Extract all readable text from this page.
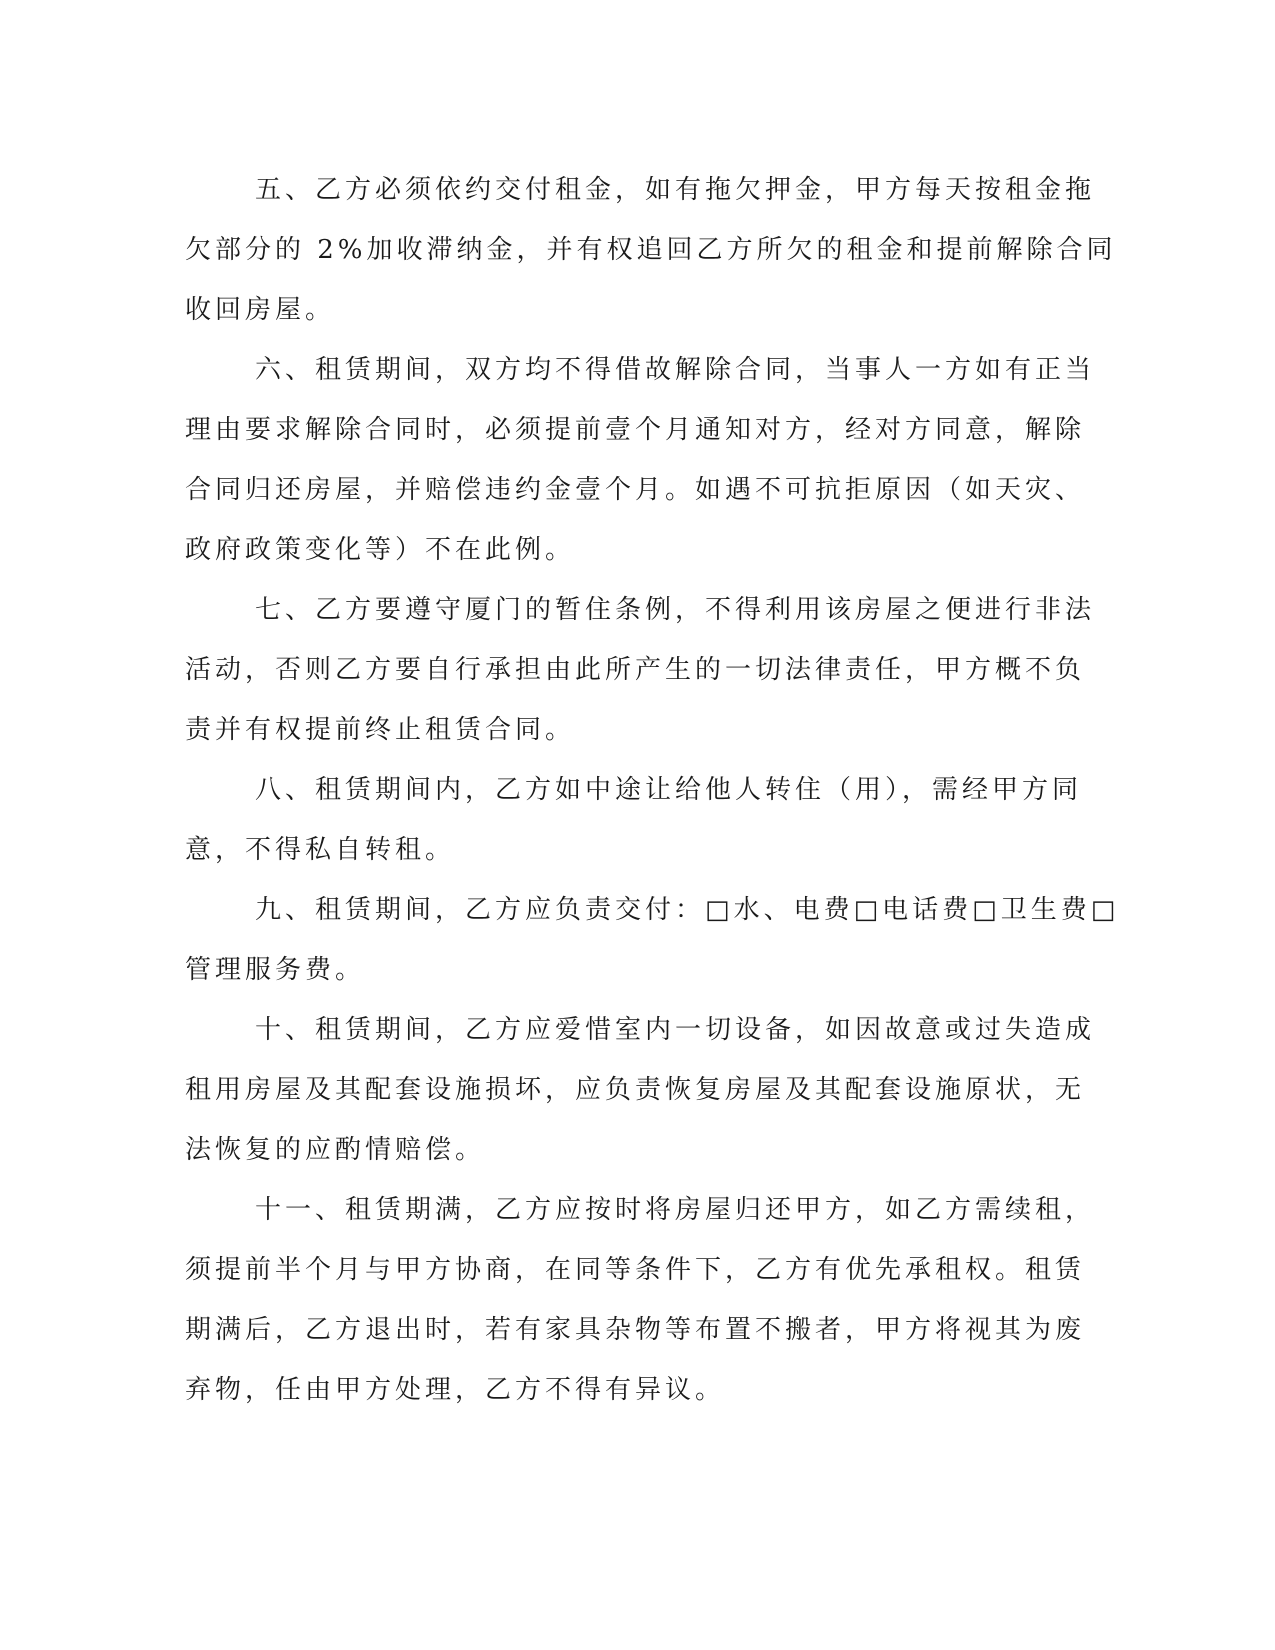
五、乙方必须依约交付租金，如有拖欠押金，甲方每天按租金拖
欠部分的 2%加收滞纳金，并有权追回乙方所欠的租金和提前解除合同
收回房屋。
六、租赁期间，双方均不得借故解除合同，当事人一方如有正当
理由要求解除合同时，必须提前壹个月通知对方，经对方同意，解除
合同归还房屋，并赔偿违约金壹个月。如遇不可抗拒原因（如天灾、
政府政策变化等）不在此例。
七、乙方要遵守厦门的暂住条例，不得利用该房屋之便进行非法
活动，否则乙方要自行承担由此所产生的一切法律责任，甲方概不负
责并有权提前终止租赁合同。
八、租赁期间内，乙方如中途让给他人转住（用），需经甲方同
意，不得私自转租。
九、租赁期间，乙方应负责交付：□水、电费□电话费□卫生费□
管理服务费。
十、租赁期间，乙方应爱惜室内一切设备，如因故意或过失造成
租用房屋及其配套设施损坏，应负责恢复房屋及其配套设施原状，无
法恢复的应酌情赔偿。
十一、租赁期满，乙方应按时将房屋归还甲方，如乙方需续租，
须提前半个月与甲方协商，在同等条件下，乙方有优先承租权。租赁
期满后，乙方退出时，若有家具杂物等布置不搬者，甲方将视其为废
弃物，任由甲方处理，乙方不得有异议。
